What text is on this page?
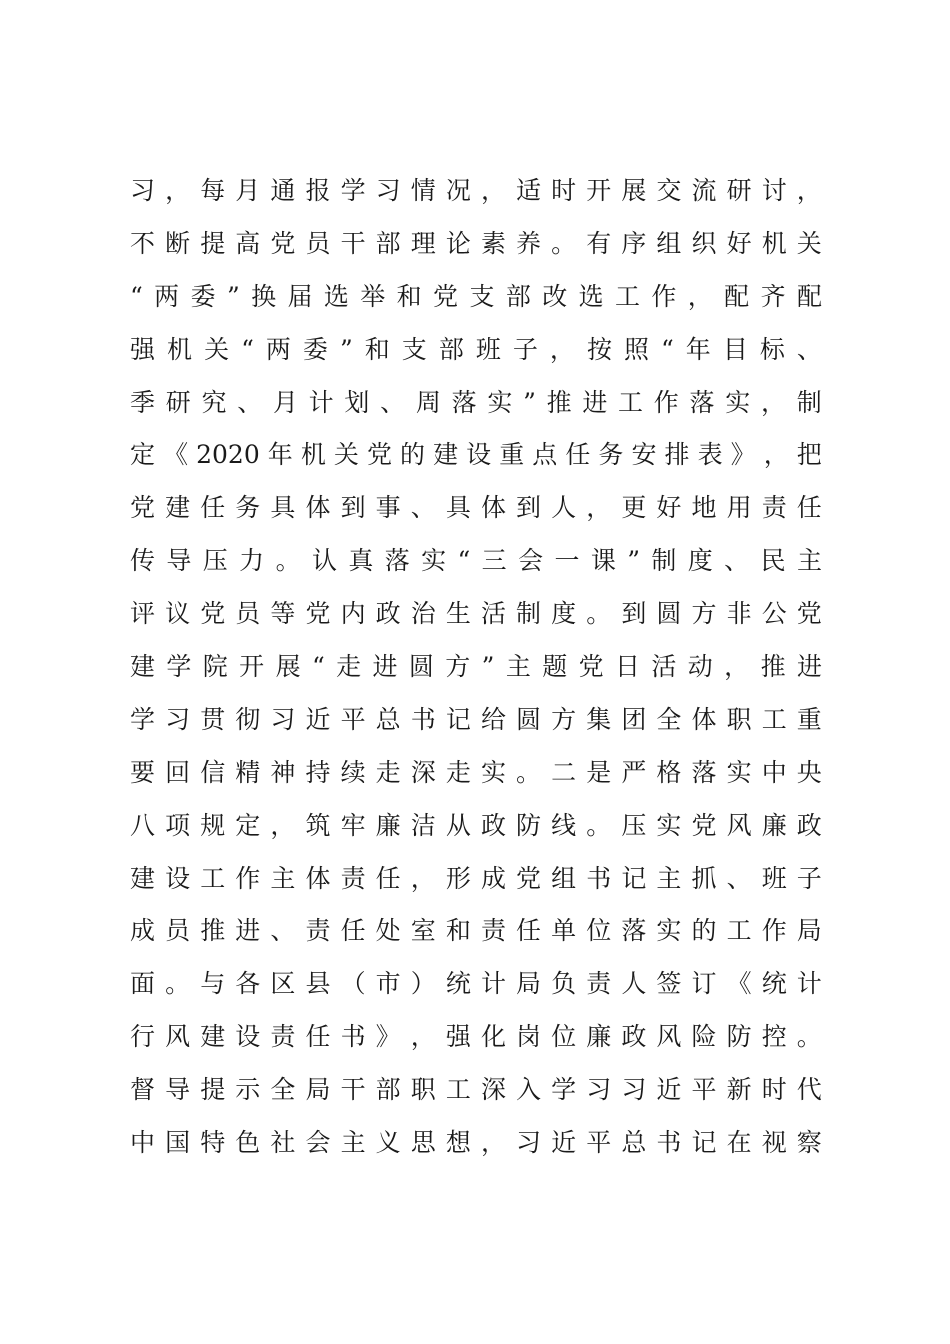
习 ， 每 月 通 报 学 习 情 况 ， 适 时 开 展 交 流 研 讨 ，
不 断 提 高 党 员 干 部 理 论 素 养 。 有 序 组 织 好 机 关
“ 两 委 ” 换 届 选 举 和 党 支 部 改 选 工 作 ， 配 齐 配
强 机 关 “ 两 委 ” 和 支 部 班 子 ， 按 照 “ 年 目 标 、
季 研 究 、 月 计 划 、 周 落 实 ” 推 进 工 作 落 实 ， 制
定 《 2020 年 机 关 党 的 建 设 重 点 任 务 安 排 表 》 ， 把
党 建 任 务 具 体 到 事 、 具 体 到 人 ， 更 好 地 用 责 任
传 导 压 力 。 认 真 落 实 “ 三 会 一 课 ” 制 度 、 民 主
评 议 党 员 等 党 内 政 治 生 活 制 度 。 到 圆 方 非 公 党
建 学 院 开 展 “ 走 进 圆 方 ” 主 题 党 日 活 动 ， 推 进
学 习 贯 彻 习 近 平 总 书 记 给 圆 方 集 团 全 体 职 工 重
要 回 信 精 神 持 续 走 深 走 实 。 二 是 严 格 落 实 中 央
八 项 规 定 ， 筑 牢 廉 洁 从 政 防 线 。 压 实 党 风 廉 政
建 设 工 作 主 体 责 任 ， 形 成 党 组 书 记 主 抓 、 班 子
成 员 推 进 、 责 任 处 室 和 责 任 单 位 落 实 的 工 作 局
面 。 与 各 区 县 （ 市 ） 统 计 局 负 责 人 签 订 《 统 计
行 风 建 设 责 任 书 》 ， 强 化 岗 位 廉 政 风 险 防 控 。
督 导 提 示 全 局 干 部 职 工 深 入 学 习 习 近 平 新 时 代
中 国 特 色 社 会 主 义 思 想 ， 习 近 平 总 书 记 在 视 察
